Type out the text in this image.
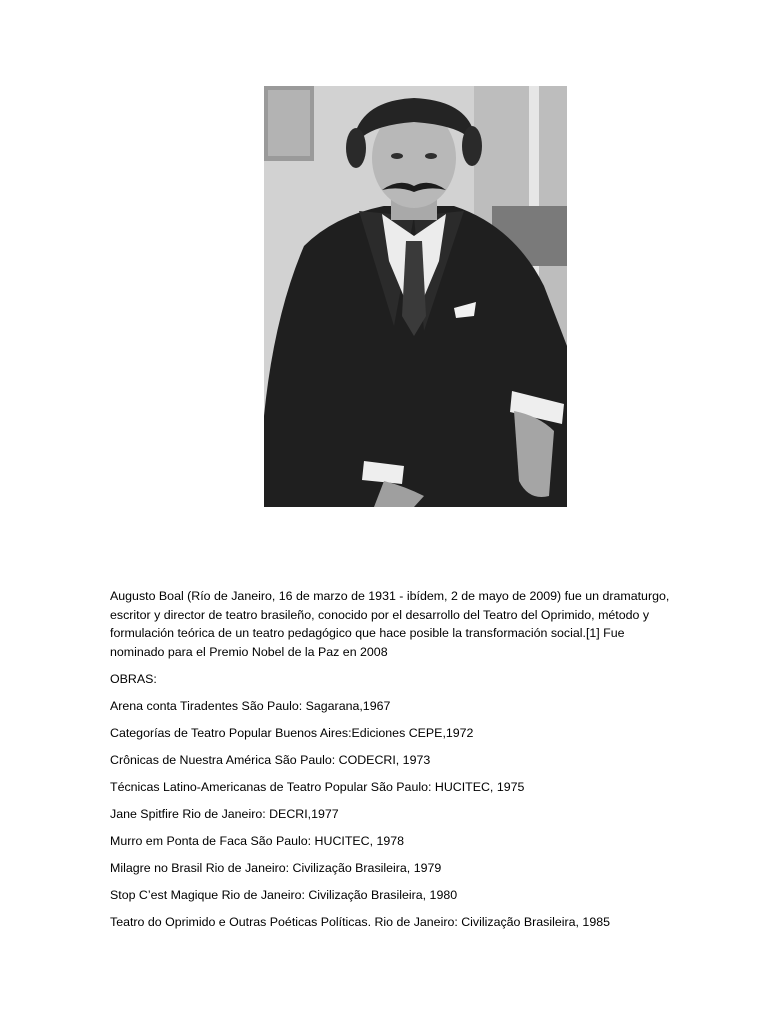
Augusto Boal (Río de Janeiro, 16 de marzo de 1931 - ibídem, 2 de mayo de 2009) fue un dramaturgo, escritor y director de teatro brasileño, conocido por el desarrollo del Teatro del Oprimido, método y formulación teórica de un teatro pedagógico que hace posible la transformación social.[1] Fue nominado para el Premio Nobel de la Paz en 2008

OBRAS:

Arena conta Tiradentes São Paulo: Sagarana,1967
Categorías de Teatro Popular Buenos Aires:Ediciones CEPE,1972
Crônicas de Nuestra América São Paulo: CODECRI, 1973
Técnicas Latino-Americanas de Teatro Popular São Paulo: HUCITEC, 1975
Jane Spitfire Rio de Janeiro: DECRI,1977
Murro em Ponta de Faca São Paulo: HUCITEC, 1978
Milagre no Brasil Rio de Janeiro: Civilização Brasileira, 1979
Stop C’est Magique Rio de Janeiro: Civilização Brasileira, 1980
Teatro do Oprimido e Outras Poéticas Políticas. Rio de Janeiro: Civilização Brasileira, 1985
